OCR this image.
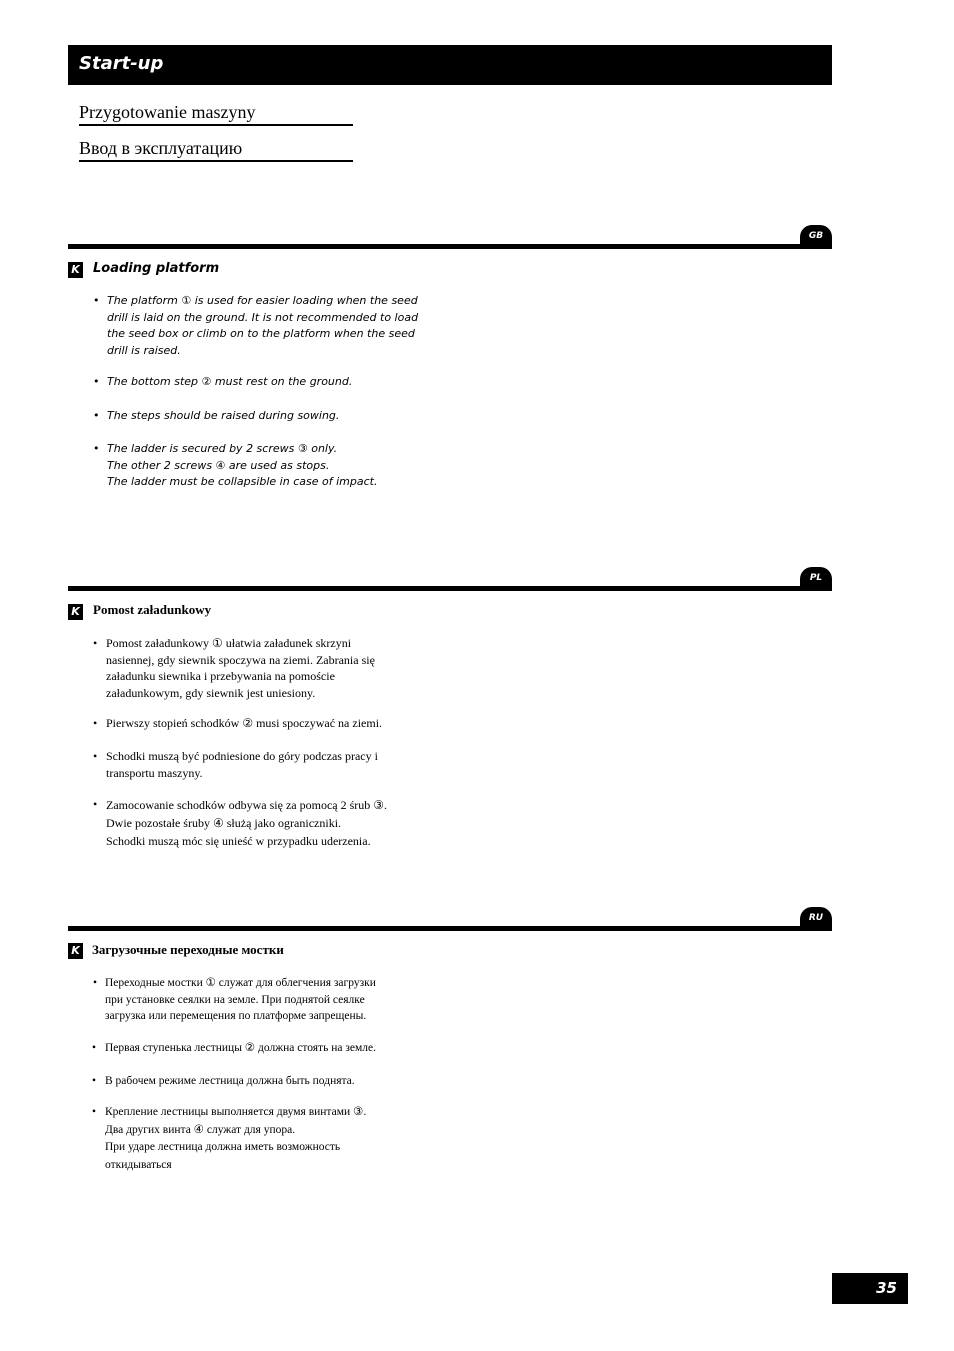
Start-up
Przygotowanie maszyny
Ввод в эксплуатацию
GB
K Loading platform
• The platform ① is used for easier loading when the seed
drill is laid on the ground. It is not recommended to load
the seed box or climb on to the platform when the seed
drill is raised.
• The bottom step ② must rest on the ground.
• The steps should be raised during sowing.
• The ladder is secured by 2 screws ③ only.
The other 2 screws ④ are used as stops.
The ladder must be collapsible in case of impact.
PL
K Pomost załadunkowy
• Pomost załadunkowy ① ułatwia załadunek skrzyni
nasiennej, gdy siewnik spoczywa na ziemi. Zabrania się
załadunku siewnika i przebywania na pomoście
załadunkowym, gdy siewnik jest uniesiony.
• Pierwszy stopień schodków ② musi spoczywać na ziemi.
• Schodki muszą być podniesione do góry podczas pracy i
transportu maszyny.
• Zamocowanie schodków odbywa się za pomocą 2 śrub ③.
Dwie pozostałe śruby ④ służą jako ograniczniki.
Schodki muszą móc się unieść w przypadku uderzenia.
RU
K Загрузочные переходные мостки
• Переходные мостки ① служат для облегчения загрузки
при установке сеялки на земле. При поднятой сеялке
загрузка или перемещения по платформе запрещены.
• Первая ступенька лестницы ② должна стоять на земле.
• В рабочем режиме лестница должна быть поднята.
• Крепление лестницы выполняется двумя винтами ③.
Два других винта ④ служат для упора.
При ударе лестница должна иметь возможность
откидываться
35
